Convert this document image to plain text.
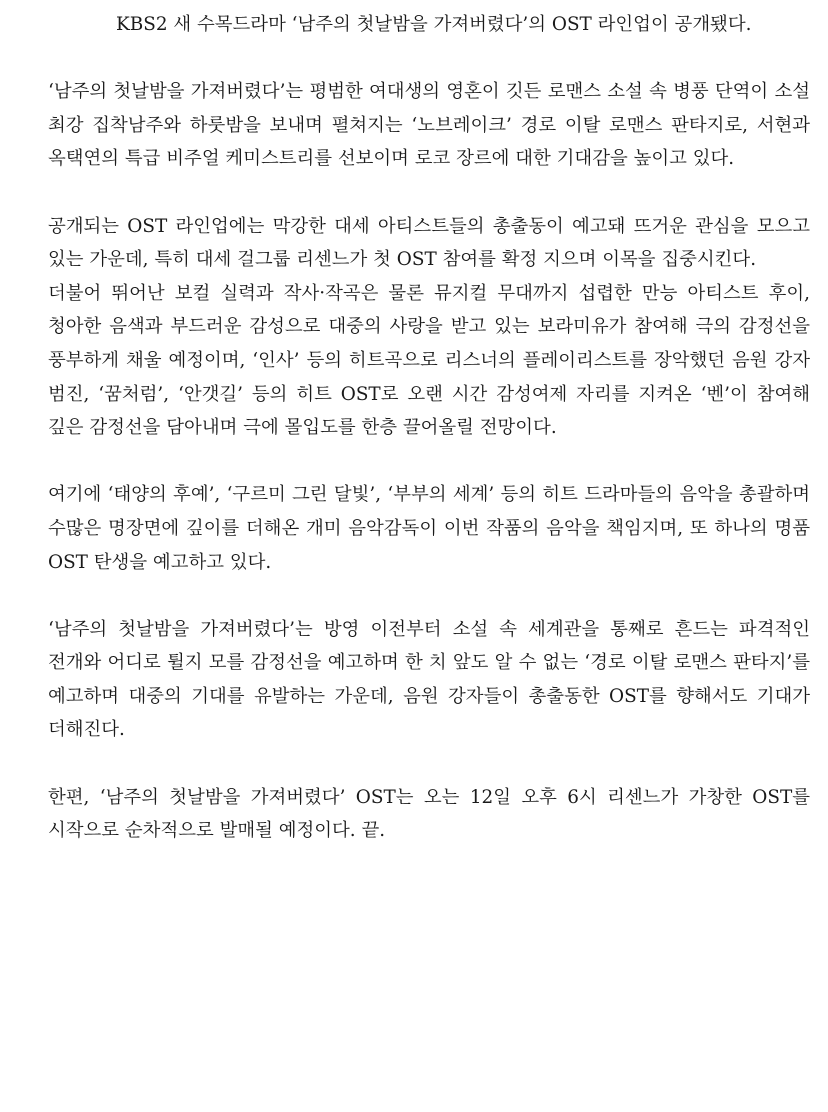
KBS2 새 수목드라마 ‘남주의 첫날밤을 가져버렸다’의 OST 라인업이 공개됐다.

‘남주의 첫날밤을 가져버렸다’는 평범한 여대생의 영혼이 깃든 로맨스 소설 속 병풍 단역이 소설 최강 집착남주와 하룻밤을 보내며 펼쳐지는 ‘노브레이크’ 경로 이탈 로맨스 판타지로, 서현과 옥택연의 특급 비주얼 케미스트리를 선보이며 로코 장르에 대한 기대감을 높이고 있다.

공개되는 OST 라인업에는 막강한 대세 아티스트들의 총출동이 예고돼 뜨거운 관심을 모으고 있는 가운데, 특히 대세 걸그룹 리센느가 첫 OST 참여를 확정 지으며 이목을 집중시킨다.

더불어 뛰어난 보컬 실력과 작사·작곡은 물론 뮤지컬 무대까지 섭렵한 만능 아티스트 후이, 청아한 음색과 부드러운 감성으로 대중의 사랑을 받고 있는 보라미유가 참여해 극의 감정선을 풍부하게 채울 예정이며, ‘인사’ 등의 히트곡으로 리스너의 플레이리스트를 장악했던 음원 강자 범진, ‘꿈처럼’, ‘안갯길’ 등의 히트 OST로 오랜 시간 감성여제 자리를 지켜온 ‘벤’이 참여해 깊은 감정선을 담아내며 극에 몰입도를 한층 끌어올릴 전망이다.

여기에 ‘태양의 후예’, ‘구르미 그린 달빛’, ‘부부의 세계’ 등의 히트 드라마들의 음악을 총괄하며 수많은 명장면에 깊이를 더해온 개미 음악감독이 이번 작품의 음악을 책임지며, 또 하나의 명품 OST 탄생을 예고하고 있다.

‘남주의 첫날밤을 가져버렸다’는 방영 이전부터 소설 속 세계관을 통째로 흔드는 파격적인 전개와 어디로 튈지 모를 감정선을 예고하며 한 치 앞도 알 수 없는 ‘경로 이탈 로맨스 판타지’를 예고하며 대중의 기대를 유발하는 가운데, 음원 강자들이 총출동한 OST를 향해서도 기대가 더해진다.

한편, ‘남주의 첫날밤을 가져버렸다’ OST는 오는 12일 오후 6시 리센느가 가창한 OST를 시작으로 순차적으로 발매될 예정이다. 끝.
